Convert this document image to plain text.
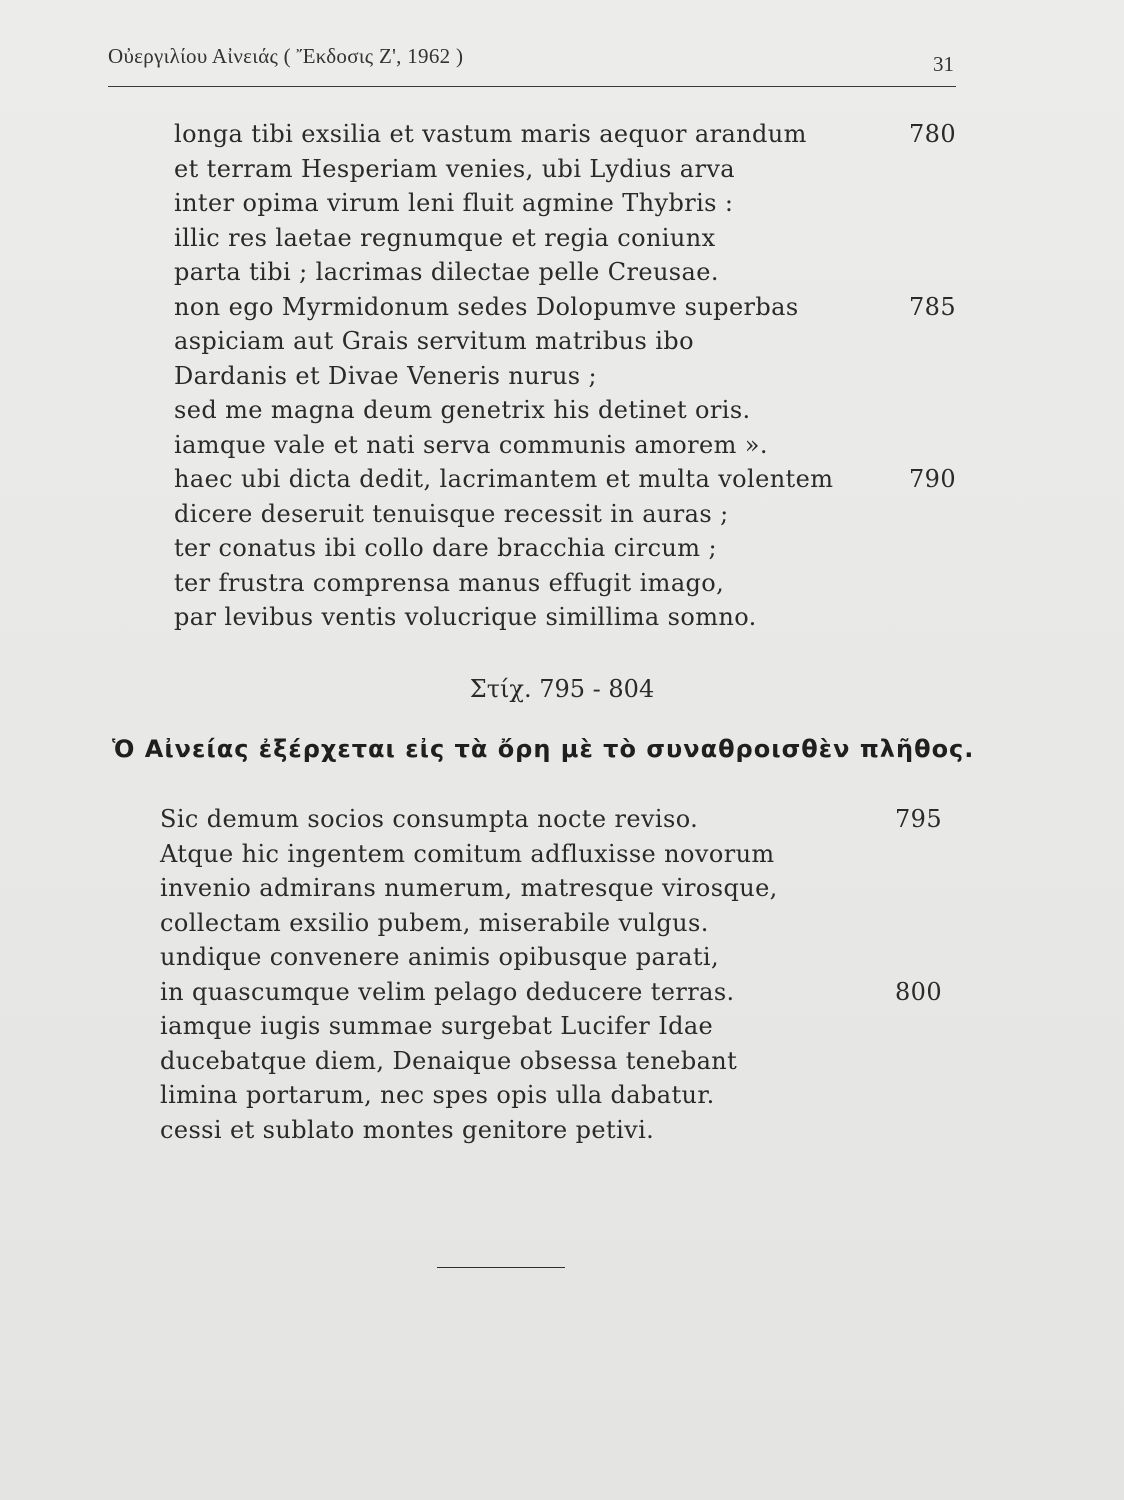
Οὐεργιλίου Αἰνειάς ( Ἔκδοσις Ζ', 1962 )	31
longa tibi exsilia et vastum maris aequor arandum	780
et terram Hesperiam venies, ubi Lydius arva
inter opima virum leni fluit agmine Thybris :
illic res laetae regnumque et regia coniunx
parta tibi ; lacrimas dilectae pelle Creusae.
non ego Myrmidonum sedes Dolopumve superbas	785
aspiciam aut Grais servitum matribus ibo
Dardanis et Divae Veneris nurus ;
sed me magna deum genetrix his detinet oris.
iamque vale et nati serva communis amorem ».
haec ubi dicta dedit, lacrimantem et multa volentem	790
dicere deseruit tenuisque recessit in auras ;
ter conatus ibi collo dare bracchia circum ;
ter frustra comprensa manus effugit imago,
par levibus ventis volucrique simillima somno.
Στίχ. 795 - 804
Ὁ Αἰνείας ἐξέρχεται εἰς τὰ ὄρη μὲ τὸ συναθροισθὲν πλῆθος.
Sic demum socios consumpta nocte reviso.	795
Atque hic ingentem comitum adfluxisse novorum
invenio admirans numerum, matresque virosque,
collectam exsilio pubem, miserabile vulgus.
undique convenere animis opibusque parati,
in quascumque velim pelago deducere terras.	800
iamque iugis summae surgebat Lucifer Idae
ducebatque diem, Denaique obsessa tenebant
limina portarum, nec spes opis ulla dabatur.
cessi et sublato montes genitore petivi.
